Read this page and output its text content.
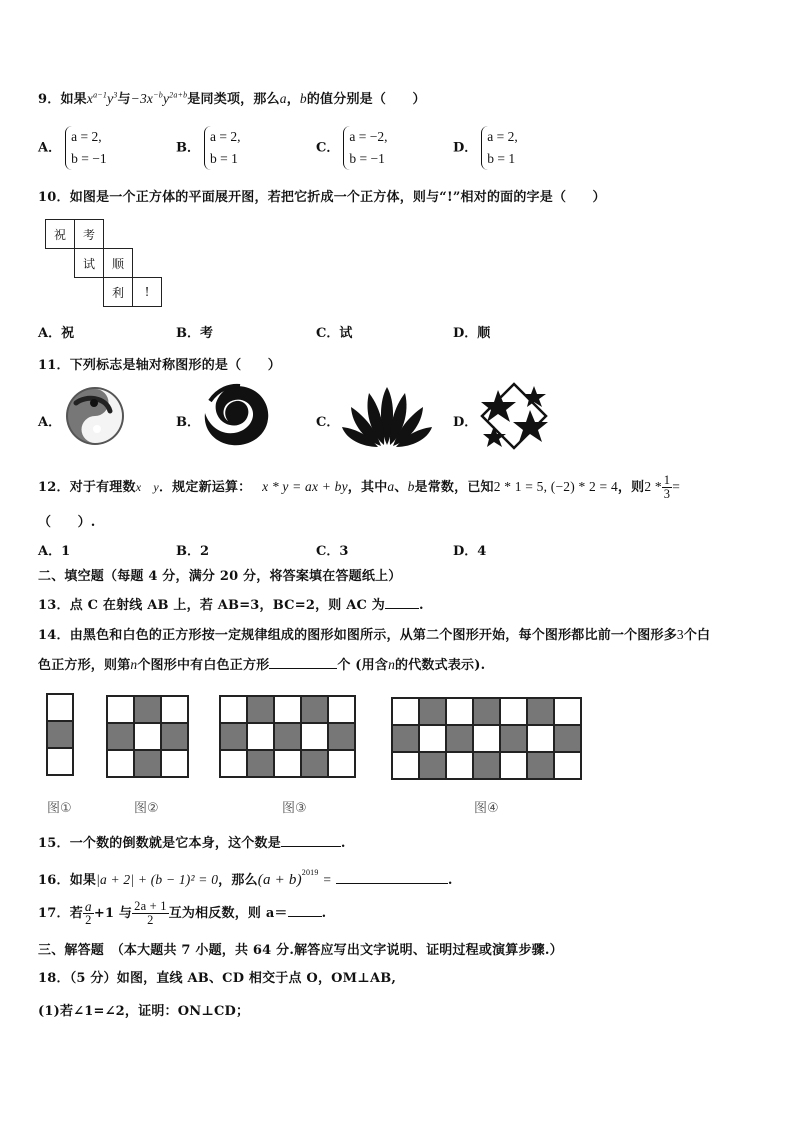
9．如果$x^{a-1}y^3$与$-3x^{-b}y^{2a+b}$是同类项，那么a，b的值分别是（　　）
A．a = 2,
b = −1
B．a = 2,
b = 1
C．a = −2,
b = −1
D．a = 2,
b = 1
10．如图是一个正方体的平面展开图，若把它折成一个正方体，则与“!”相对的面的字是（　　）
祝	考
试	顺
利	!
A．祝	B．考	C．试	D．顺
11．下列标志是轴对称图形的是（　　）
A．	B．	C．	D．
12．对于有理数x　y．规定新运算： x * y = ax + by，其中a、b是常数，已知2 * 1 = 5, (−2) * 2 = 4，则$2 * \frac{1}{3}$ =
（　　）.
A．1	B．2	C．3	D．4
二、填空题（每题 4 分，满分 20 分，将答案填在答题纸上）
13．点 C 在射线 AB 上，若 AB=3，BC=2，则 AC 为	.
14．由黑色和白色的正方形按一定规律组成的图形如图所示，从第二个图形开始，每个图形都比前一个图形多3个白
色正方形，则第n个图形中有白色正方形	个 (用含n的代数式表示).
图①	图②	图③	图④
15．一个数的倒数就是它本身，这个数是	.
16．如果|a + 2| + (b − 1)² = 0，那么$(a + b)^{2019}$ =	.
17．若 $\frac{a}{2} +1$ 与 $\frac{2a + 1}{2}$ 互为相反数，则 a＝	.
三、解答题　（本大题共 7 小题，共 64 分.解答应写出文字说明、证明过程或演算步骤.）
18．（5 分）如图，直线 AB、CD 相交于点 O，OM⊥AB,
(1)若∠1=∠2，证明：ON⊥CD；
